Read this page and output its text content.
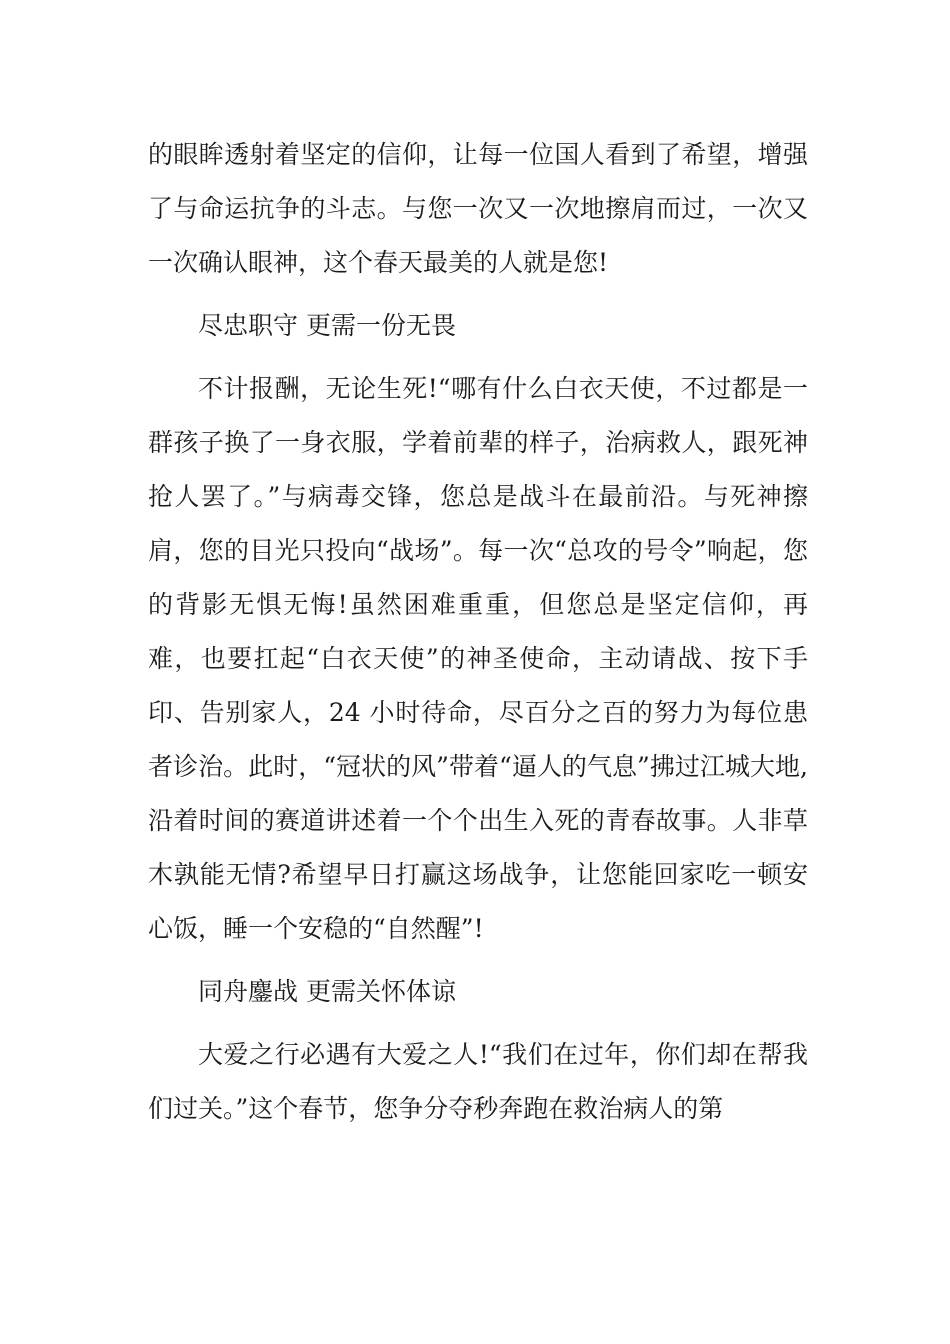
的眼眸透射着坚定的信仰，让每一位国人看到了希望，增强了与命运抗争的斗志。与您一次又一次地擦肩而过，一次又一次确认眼神，这个春天最美的人就是您!

尽忠职守 更需一份无畏

不计报酬，无论生死!“哪有什么白衣天使，不过都是一群孩子换了一身衣服，学着前辈的样子，治病救人，跟死神抢人罢了。”与病毒交锋，您总是战斗在最前沿。与死神擦肩，您的目光只投向“战场”。每一次“总攻的号令”响起，您的背影无惧无悔!虽然困难重重，但您总是坚定信仰，再难，也要扛起“白衣天使”的神圣使命，主动请战、按下手印、告别家人，24 小时待命，尽百分之百的努力为每位患者诊治。此时，“冠状的风”带着“逼人的气息”拂过江城大地,沿着时间的赛道讲述着一个个出生入死的青春故事。人非草木孰能无情?希望早日打赢这场战争，让您能回家吃一顿安心饭，睡一个安稳的“自然醒”!

同舟鏖战 更需关怀体谅

大爱之行必遇有大爱之人!“我们在过年，你们却在帮我们过关。”这个春节，您争分夺秒奔跑在救治病人的第
